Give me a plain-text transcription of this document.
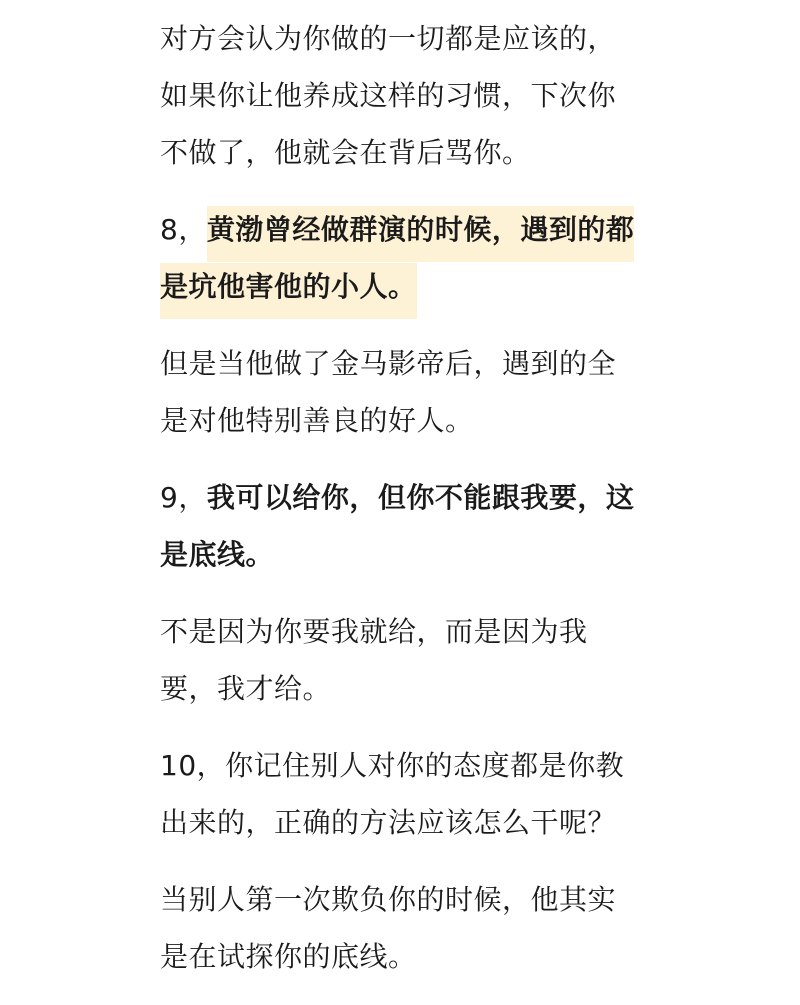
对方会认为你做的一切都是应该的，
如果你让他养成这样的习惯，下次你
不做了，他就会在背后骂你。

8，黄渤曾经做群演的时候，遇到的都
是坑他害他的小人。

但是当他做了金马影帝后，遇到的全
是对他特别善良的好人。

9，我可以给你，但你不能跟我要，这
是底线。

不是因为你要我就给，而是因为我
要，我才给。

10，你记住别人对你的态度都是你教
出来的，正确的方法应该怎么干呢？

当别人第一次欺负你的时候，他其实
是在试探你的底线。
